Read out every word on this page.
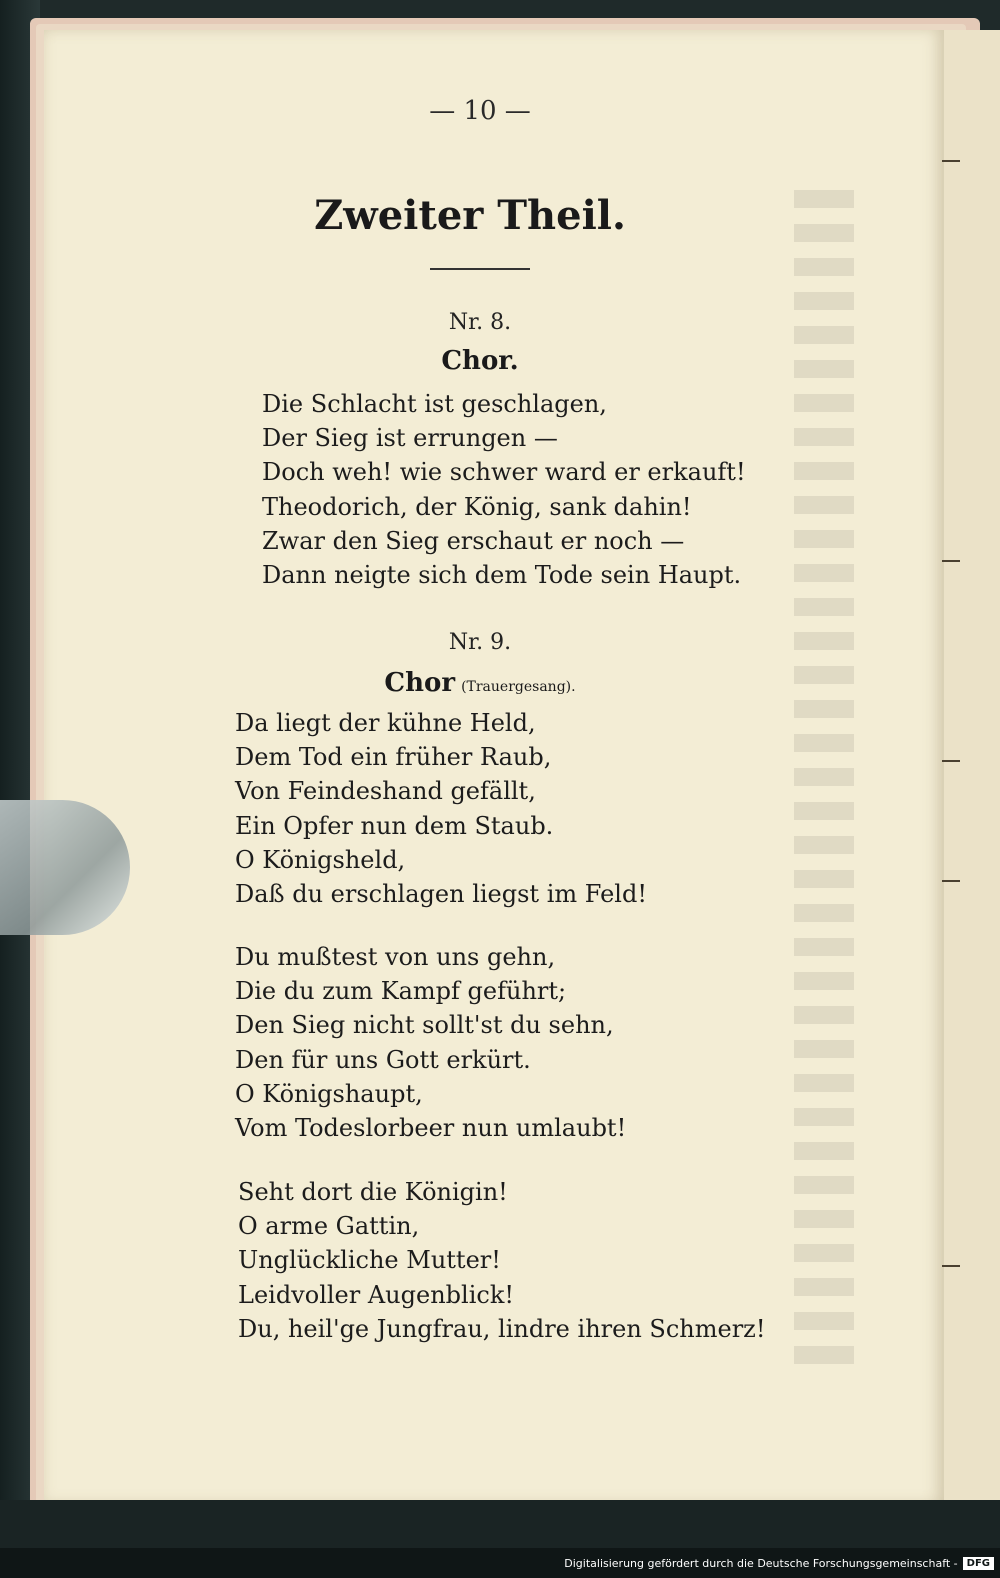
— 10 —
Zweiter Theil.
Nr. 8.
Chor.
Die Schlacht ist geschlagen,
Der Sieg ist errungen —
Doch weh! wie schwer ward er erkauft!
Theodorich, der König, sank dahin!
Zwar den Sieg erschaut er noch —
Dann neigte sich dem Tode sein Haupt.
Nr. 9.
Chor (Trauergesang).
Da liegt der kühne Held,
Dem Tod ein früher Raub,
Von Feindeshand gefällt,
Ein Opfer nun dem Staub.
O Königsheld,
Daß du erschlagen liegst im Feld!
Du mußtest von uns gehn,
Die du zum Kampf geführt;
Den Sieg nicht sollt'st du sehn,
Den für uns Gott erkürt.
O Königshaupt,
Vom Todeslorbeer nun umlaubt!
Seht dort die Königin!
O arme Gattin,
Unglückliche Mutter!
Leidvoller Augenblick!
Du, heil'ge Jungfrau, lindre ihren Schmerz!
Digitalisierung gefördert durch die Deutsche Forschungsgemeinschaft - DFG
